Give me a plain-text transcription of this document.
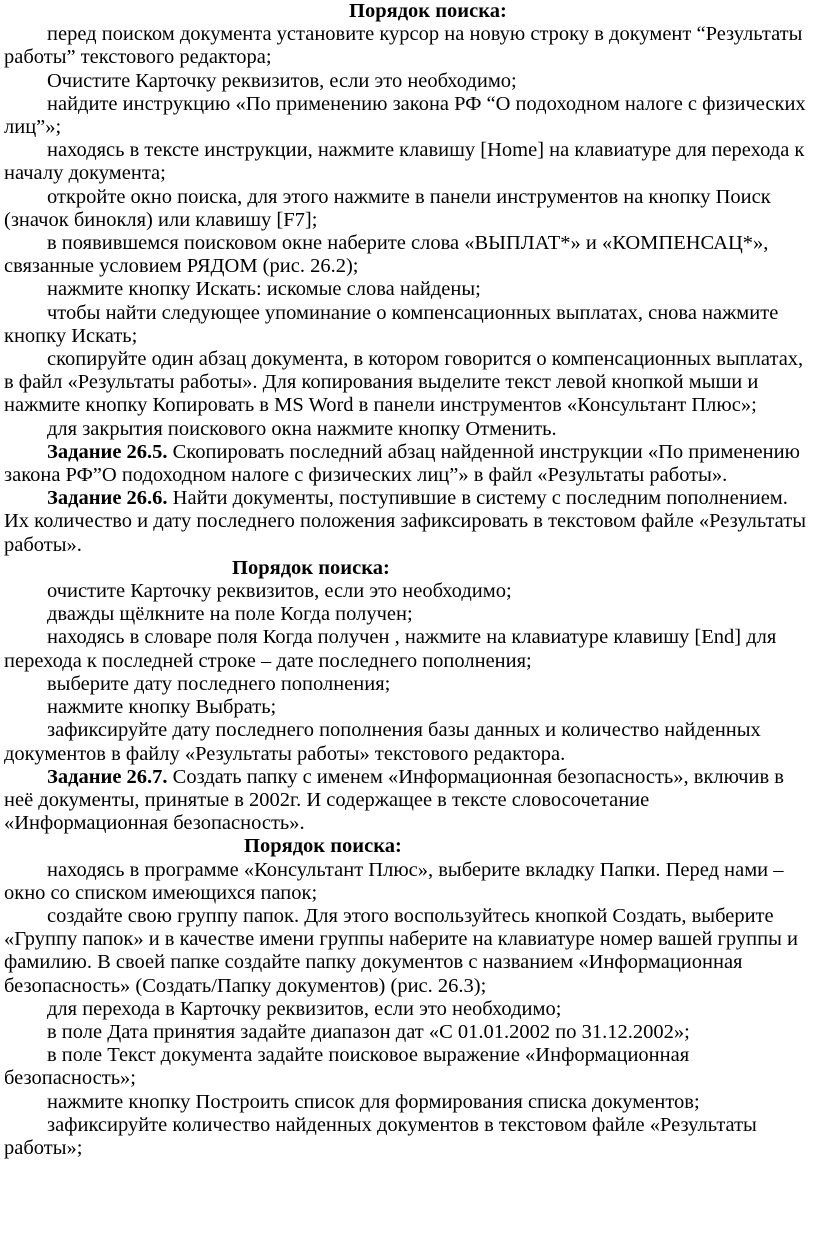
Порядок поиска:

перед поиском документа установите курсор на новую строку в документ “Результаты работы” текстового редактора;

Очистите Карточку реквизитов, если это необходимо;

найдите инструкцию «По применению закона РФ “О подоходном налоге с физических лиц”»;

находясь в тексте инструкции, нажмите клавишу [Home] на клавиатуре для перехода к началу документа;

откройте окно поиска, для этого нажмите в панели инструментов на кнопку Поиск (значок бинокля) или клавишу [F7];

в появившемся поисковом окне наберите слова «ВЫПЛАТ*» и «КОМПЕНСАЦ*», связанные условием РЯДОМ (рис. 26.2);

нажмите кнопку Искать: искомые слова найдены;

чтобы найти следующее упоминание о компенсационных выплатах, снова нажмите кнопку Искать;

скопируйте один абзац документа, в котором говорится о компенсационных выплатах, в файл «Результаты работы». Для копирования выделите текст левой кнопкой мыши и нажмите кнопку Копировать в MS Word в панели инструментов «Консультант Плюс»;

для закрытия поискового окна нажмите кнопку Отменить.

Задание 26.5. Скопировать последний абзац найденной инструкции «По применению закона РФ”О подоходном налоге с физических лиц”» в файл «Результаты работы».

Задание 26.6. Найти документы, поступившие в систему с последним пополнением. Их количество и дату последнего положения зафиксировать в текстовом файле «Результаты работы».

Порядок поиска:

очистите Карточку реквизитов, если это необходимо;

дважды щёлкните на поле Когда получен;

находясь в словаре поля Когда получен , нажмите на клавиатуре клавишу [End] для перехода к последней строке – дате последнего пополнения;

выберите дату последнего пополнения;

нажмите кнопку Выбрать;

зафиксируйте дату последнего пополнения базы данных и количество найденных документов в файлу «Результаты работы» текстового редактора.

Задание 26.7. Создать папку с именем «Информационная безопасность», включив в неё документы, принятые в 2002г. И содержащее в тексте словосочетание «Информационная безопасность».

Порядок поиска:

находясь в программе «Консультант Плюс», выберите вкладку Папки. Перед нами – окно со списком имеющихся папок;

создайте свою группу папок. Для этого воспользуйтесь кнопкой Создать, выберите «Группу папок» и в качестве имени группы наберите на клавиатуре номер вашей группы и фамилию. В своей папке создайте папку документов с названием «Информационная безопасность» (Создать/Папку документов) (рис. 26.3);

для перехода в Карточку реквизитов, если это необходимо;

в поле Дата принятия задайте диапазон дат «С 01.01.2002 по 31.12.2002»;

в поле Текст документа задайте поисковое выражение «Информационная безопасность»;

нажмите кнопку Построить список для формирования списка документов;

зафиксируйте количество найденных документов в текстовом файле «Результаты работы»;
